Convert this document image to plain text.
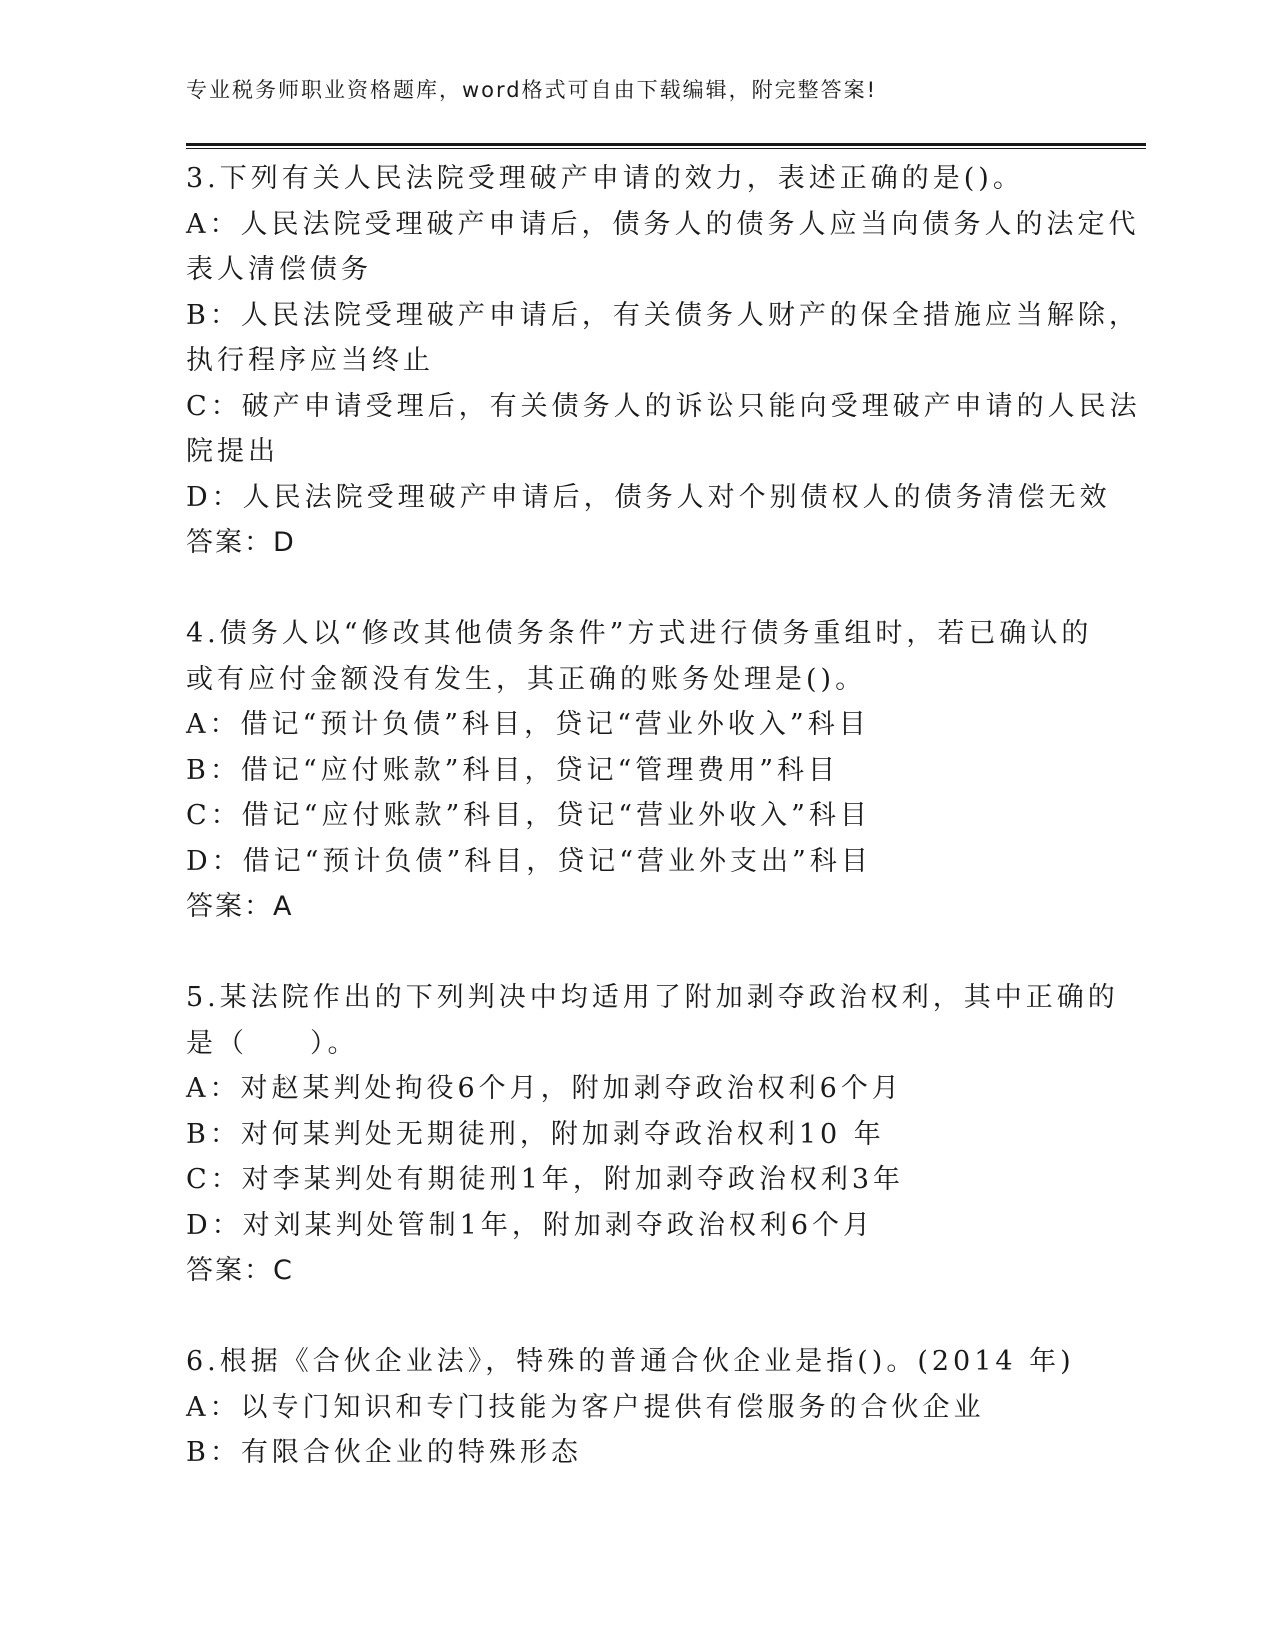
专业税务师职业资格题库，word格式可自由下载编辑，附完整答案!

3.下列有关人民法院受理破产申请的效力，表述正确的是()。

A：人民法院受理破产申请后，债务人的债务人应当向债务人的法定代

表人清偿债务

B：人民法院受理破产申请后，有关债务人财产的保全措施应当解除，

执行程序应当终止

C：破产申请受理后，有关债务人的诉讼只能向受理破产申请的人民法

院提出

D：人民法院受理破产申请后，债务人对个别债权人的债务清偿无效

答案：D

4.债务人以“修改其他债务条件”方式进行债务重组时，若已确认的

或有应付金额没有发生，其正确的账务处理是()。

A：借记“预计负债”科目，贷记“营业外收入”科目

B：借记“应付账款”科目，贷记“管理费用”科目

C：借记“应付账款”科目，贷记“营业外收入”科目

D：借记“预计负债”科目，贷记“营业外支出”科目

答案：A

5.某法院作出的下列判决中均适用了附加剥夺政治权利，其中正确的

是（　　）。

A：对赵某判处拘役6个月，附加剥夺政治权利6个月

B：对何某判处无期徒刑，附加剥夺政治权利10 年

C：对李某判处有期徒刑1年，附加剥夺政治权利3年

D：对刘某判处管制1年，附加剥夺政治权利6个月

答案：C

6.根据《合伙企业法》，特殊的普通合伙企业是指()。(2014 年)

A：以专门知识和专门技能为客户提供有偿服务的合伙企业

B：有限合伙企业的特殊形态
